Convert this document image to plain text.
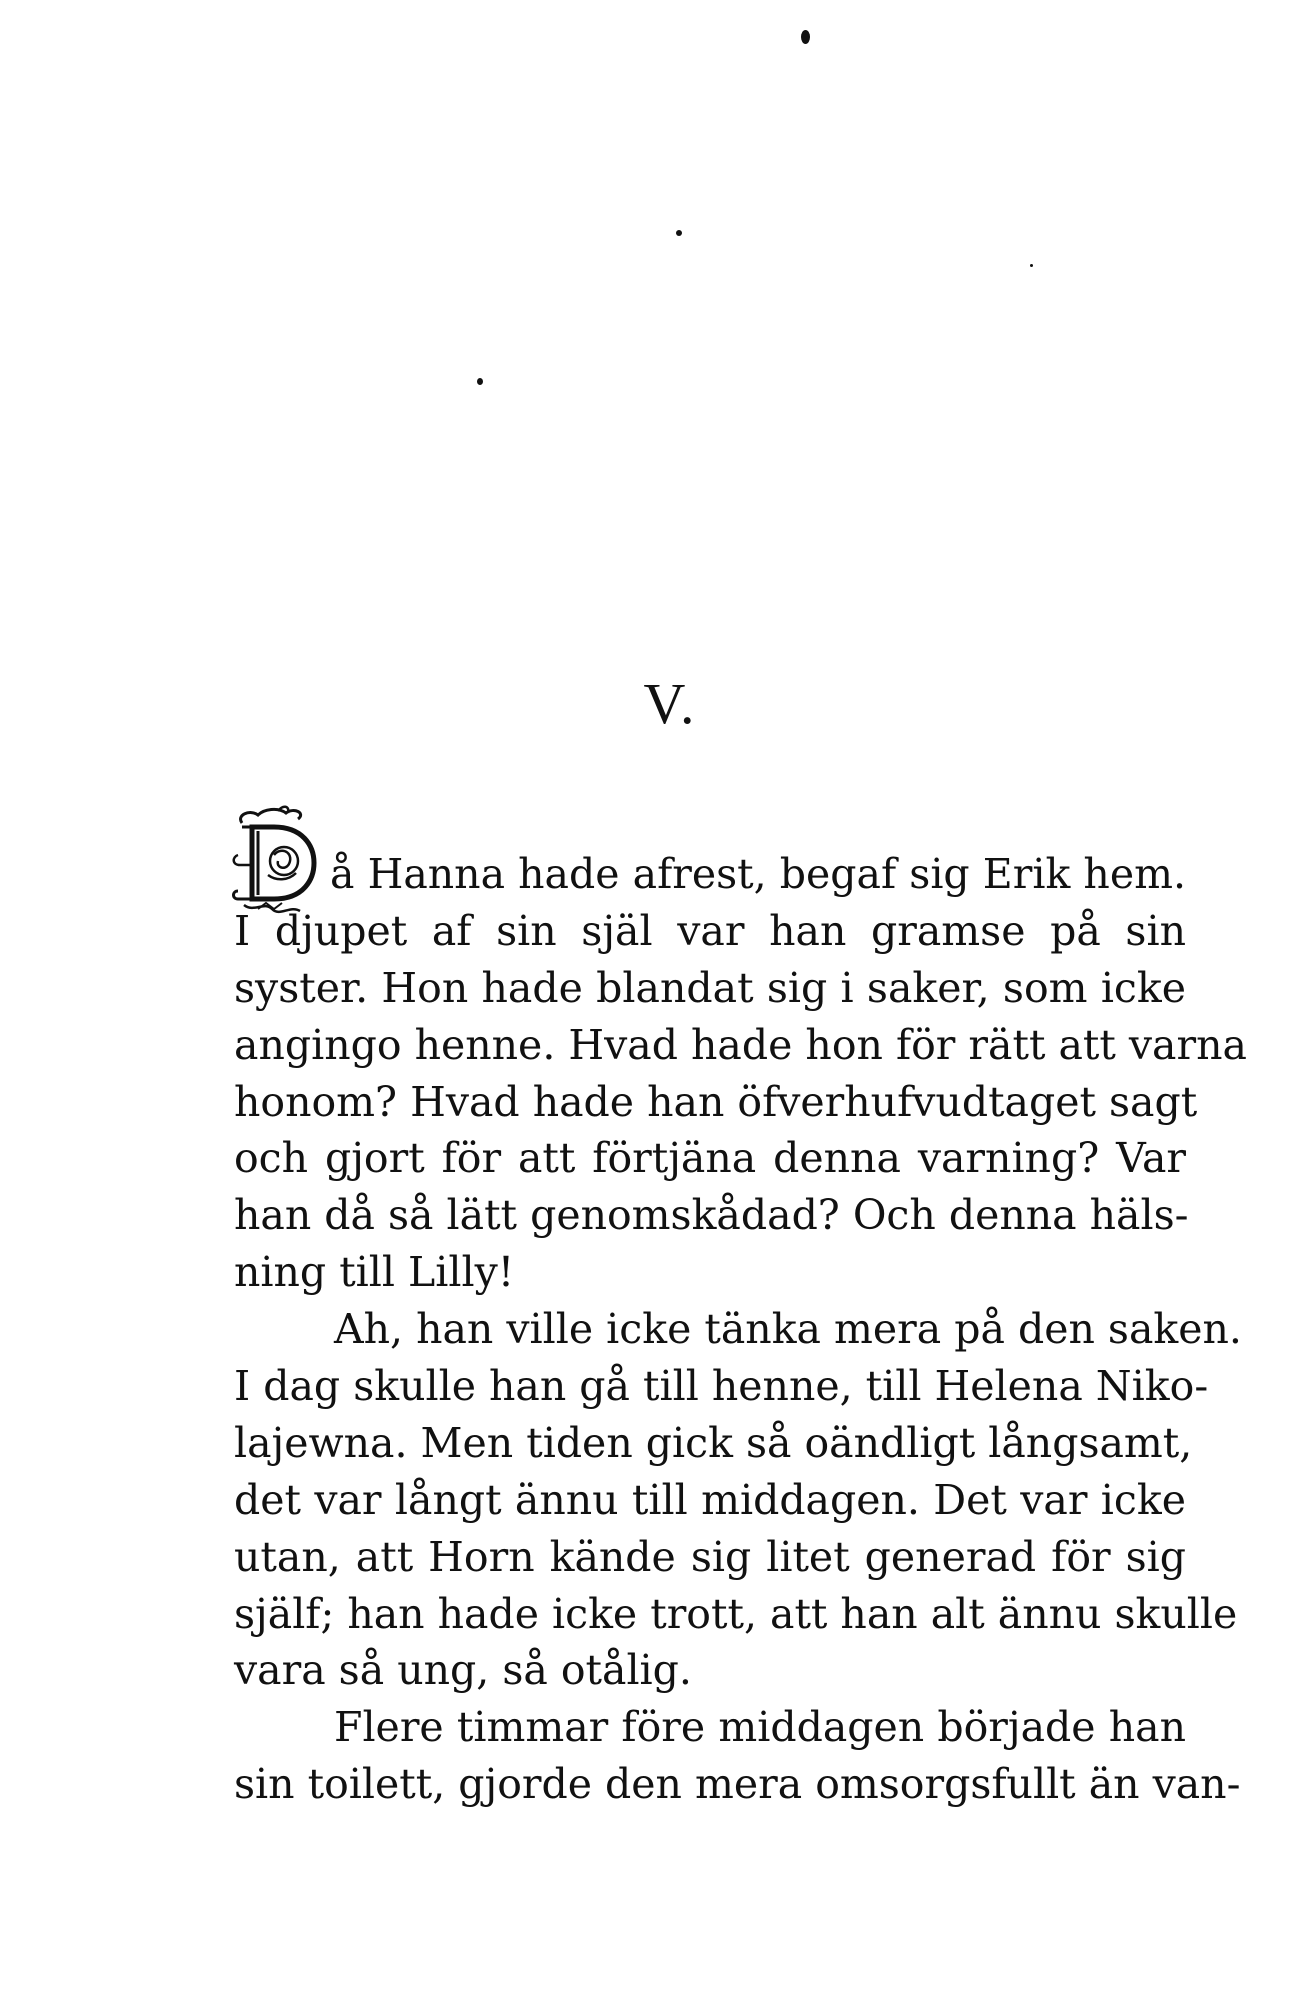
V.
å Hanna hade afrest, begaf sig Erik hem.
I djupet af sin själ var han gramse på sin
syster. Hon hade blandat sig i saker, som icke
angingo henne. Hvad hade hon för rätt att varna
honom? Hvad hade han öfverhufvudtaget sagt
och gjort för att förtjäna denna varning? Var
han då så lätt genomskådad? Och denna häls-
ning till Lilly!
Ah, han ville icke tänka mera på den saken.
I dag skulle han gå till henne, till Helena Niko-
lajewna. Men tiden gick så oändligt långsamt,
det var långt ännu till middagen. Det var icke
utan, att Horn kände sig litet generad för sig
själf; han hade icke trott, att han alt ännu skulle
vara så ung, så otålig.
Flere timmar före middagen började han
sin toilett, gjorde den mera omsorgsfullt än van-
